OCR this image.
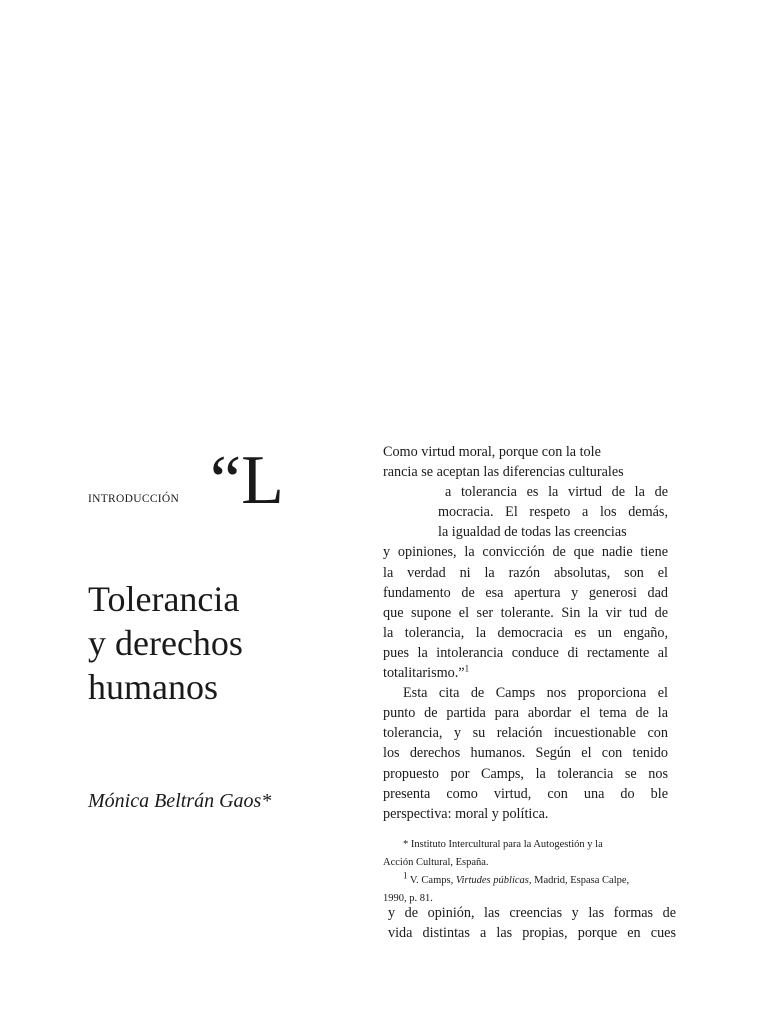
INTRODUCCIÓN “L
Tolerancia
y derechos
humanos
Mónica Beltrán Gaos*
Como virtud moral, porque con la tole
rancia se aceptan las diferencias culturales
a tolerancia es la virtud de la de
mocracia. El respeto a los demás,
la igualdad de todas las creencias
y opiniones, la convicción de que nadie tiene
la verdad ni la razón absolutas, son el
fundamento de esa apertura y generosi dad
que supone el ser tolerante. Sin la vir tud de
la tolerancia, la democracia es un engaño,
pues la intolerancia conduce di rectamente al
totalitarismo.”$^1$
Esta cita de Camps nos proporciona el
punto de partida para abordar el tema de la
tolerancia, y su relación incuestionable con
los derechos humanos. Según el con tenido
propuesto por Camps, la tolerancia se nos
presenta como virtud, con una do ble
perspectiva: moral y política.
* Instituto Intercultural para la Autogestión y la
Acción Cultural, España.
1 V. Camps, Virtudes públicas, Madrid, Espasa Calpe,
1990, p. 81.
y de opinión, las creencias y las formas de
vida distintas a las propias, porque en cues
